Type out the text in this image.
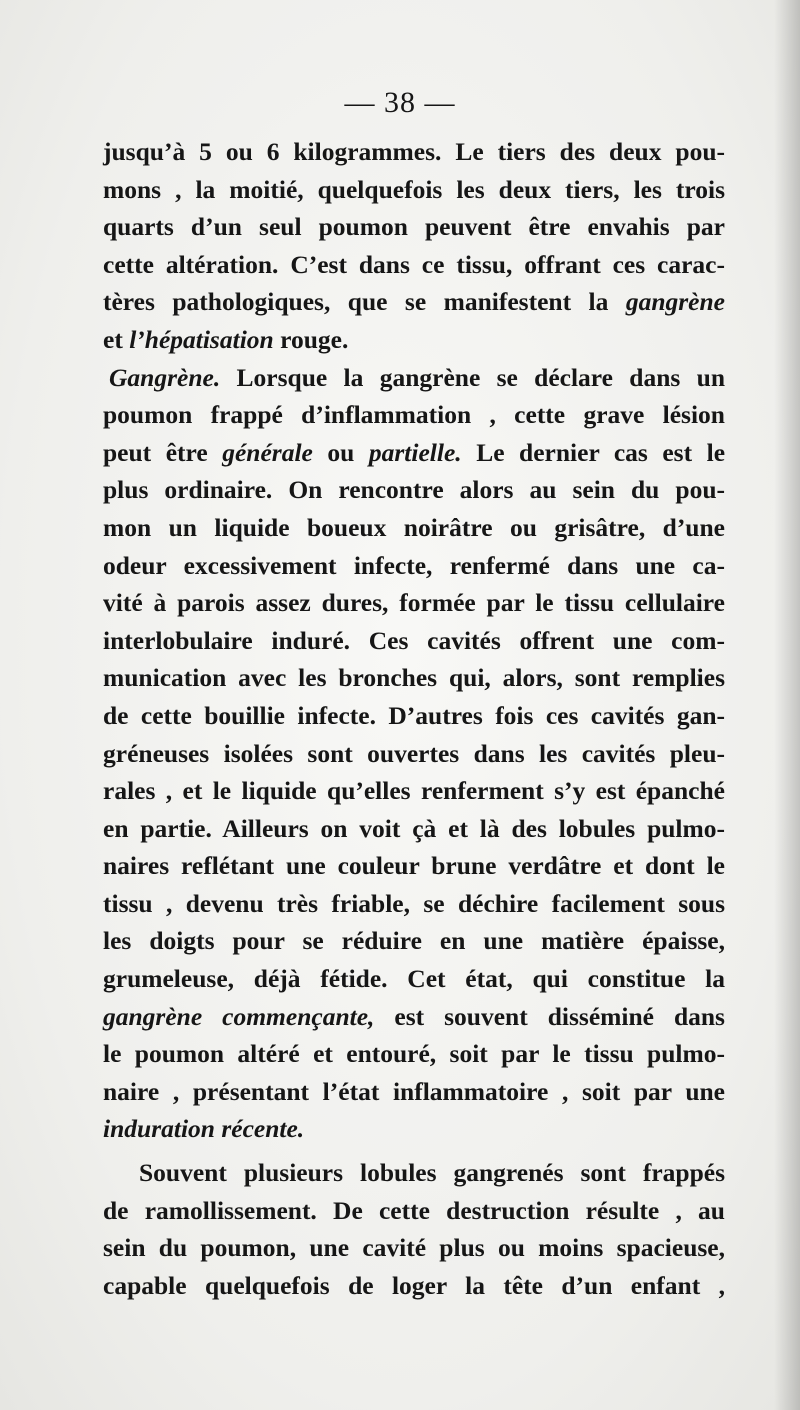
— 38 —
jusqu’à 5 ou 6 kilogrammes. Le tiers des deux pou-
mons , la moitié, quelquefois les deux tiers, les trois
quarts d’un seul poumon peuvent être envahis par
cette altération. C’est dans ce tissu, offrant ces carac-
tères pathologiques, que se manifestent la gangrène
et l’hépatisation rouge.
Gangrène. Lorsque la gangrène se déclare dans un
poumon frappé d’inflammation , cette grave lésion
peut être générale ou partielle. Le dernier cas est le
plus ordinaire. On rencontre alors au sein du pou-
mon un liquide boueux noirâtre ou grisâtre, d’une
odeur excessivement infecte, renfermé dans une ca-
vité à parois assez dures, formée par le tissu cellulaire
interlobulaire induré. Ces cavités offrent une com-
munication avec les bronches qui, alors, sont remplies
de cette bouillie infecte. D’autres fois ces cavités gan-
gréneuses isolées sont ouvertes dans les cavités pleu-
rales , et le liquide qu’elles renferment s’y est épanché
en partie. Ailleurs on voit çà et là des lobules pulmo-
naires reflétant une couleur brune verdâtre et dont le
tissu , devenu très friable, se déchire facilement sous
les doigts pour se réduire en une matière épaisse,
grumeleuse, déjà fétide. Cet état, qui constitue la
gangrène commençante, est souvent disséminé dans
le poumon altéré et entouré, soit par le tissu pulmo-
naire , présentant l’état inflammatoire , soit par une
induration récente.
Souvent plusieurs lobules gangrenés sont frappés
de ramollissement. De cette destruction résulte , au
sein du poumon, une cavité plus ou moins spacieuse,
capable quelquefois de loger la tête d’un enfant ,
